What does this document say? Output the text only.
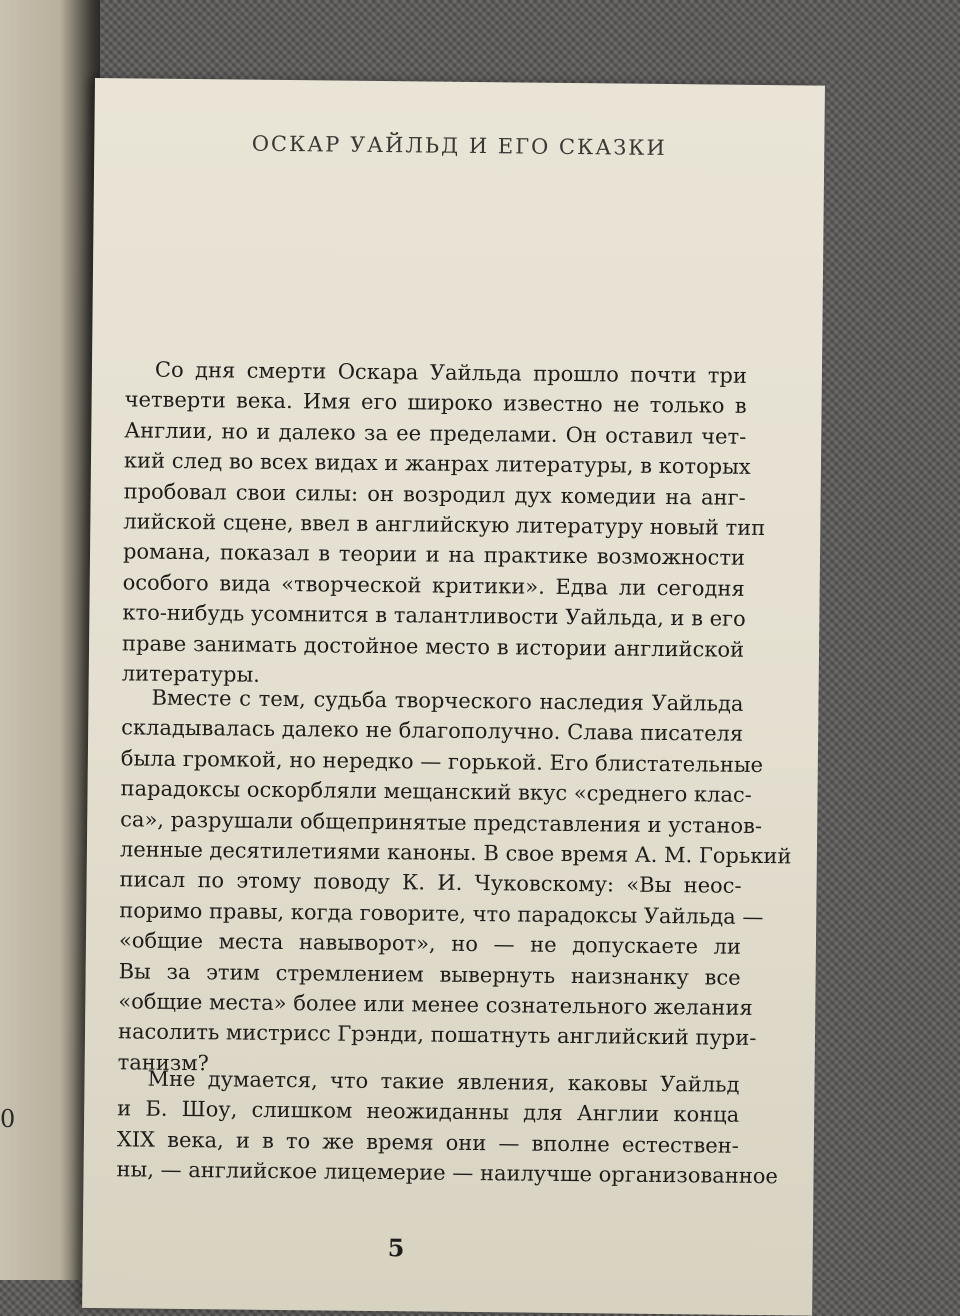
0
ОСКАР УАЙЛЬД И ЕГО СКАЗКИ
Со дня смерти Оскара Уайльда прошло почти три
четверти века. Имя его широко известно не только в
Англии, но и далеко за ее пределами. Он оставил чет-
кий след во всех видах и жанрах литературы, в которых
пробовал свои силы: он возродил дух комедии на анг-
лийской сцене, ввел в английскую литературу новый тип
романа, показал в теории и на практике возможности
особого вида «творческой критики». Едва ли сегодня
кто-нибудь усомнится в талантливости Уайльда, и в его
праве занимать достойное место в истории английской
литературы.
Вместе с тем, судьба творческого наследия Уайльда
складывалась далеко не благополучно. Слава писателя
была громкой, но нередко — горькой. Его блистательные
парадоксы оскорбляли мещанский вкус «среднего клас-
са», разрушали общепринятые представления и установ-
ленные десятилетиями каноны. В свое время А. М. Горький
писал по этому поводу К. И. Чуковскому: «Вы неос-
поримо правы, когда говорите, что парадоксы Уайльда —
«общие места навыворот», но — не допускаете ли
Вы за этим стремлением вывернуть наизнанку все
«общие места» более или менее сознательного желания
насолить мистрисс Грэнди, пошатнуть английский пури-
танизм?
Мне думается, что такие явления, каковы Уайльд
и Б. Шоу, слишком неожиданны для Англии конца
XIX века, и в то же время они — вполне естествен-
ны, — английское лицемерие — наилучше организованное
5
